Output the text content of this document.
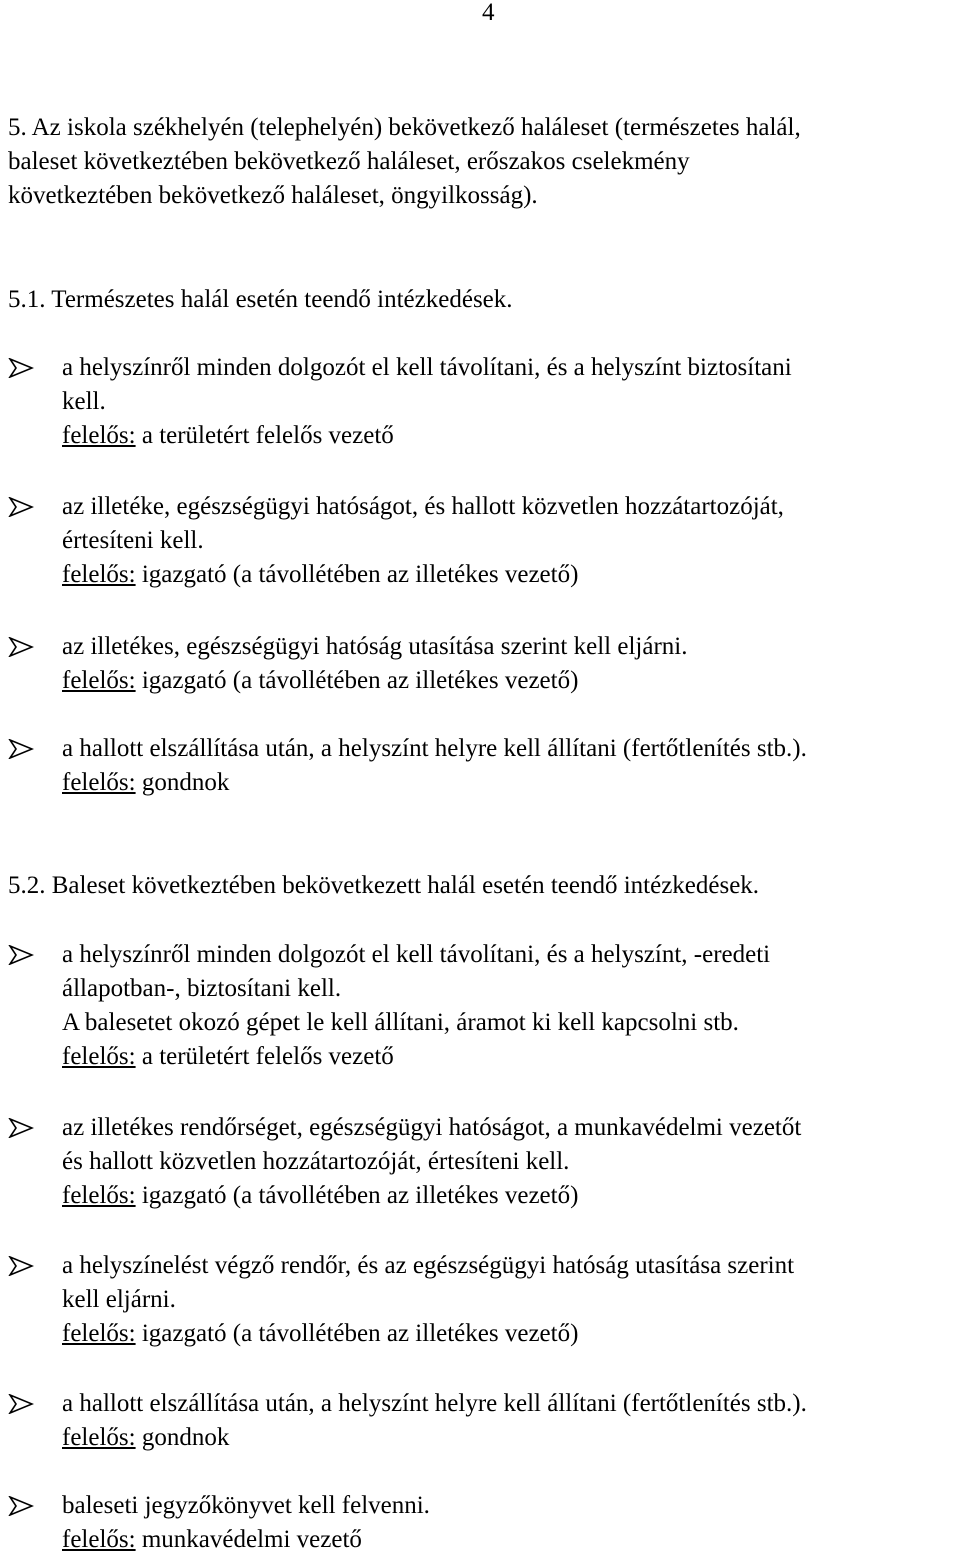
4
5. Az iskola székhelyén (telephelyén) bekövetkező haláleset (természetes halál,
baleset következtében bekövetkező haláleset, erőszakos cselekmény
következtében bekövetkező haláleset, öngyilkosság).
5.1. Természetes halál esetén teendő intézkedések.
a helyszínről minden dolgozót el kell távolítani, és a helyszínt biztosítani
kell.
felelős: a területért felelős vezető
az illetéke, egészségügyi hatóságot, és hallott közvetlen hozzátartozóját,
értesíteni kell.
felelős: igazgató (a távollétében az illetékes vezető)
az illetékes, egészségügyi hatóság utasítása szerint kell eljárni.
felelős: igazgató (a távollétében az illetékes vezető)
a hallott elszállítása után, a helyszínt helyre kell állítani (fertőtlenítés stb.).
felelős: gondnok
5.2. Baleset következtében bekövetkezett halál esetén teendő intézkedések.
a helyszínről minden dolgozót el kell távolítani, és a helyszínt, -eredeti
állapotban-, biztosítani kell.
A balesetet okozó gépet le kell állítani, áramot ki kell kapcsolni stb.
felelős: a területért felelős vezető
az illetékes rendőrséget, egészségügyi hatóságot, a munkavédelmi vezetőt
és hallott közvetlen hozzátartozóját, értesíteni kell.
felelős: igazgató (a távollétében az illetékes vezető)
a helyszínelést végző rendőr, és az egészségügyi hatóság utasítása szerint
kell eljárni.
felelős: igazgató (a távollétében az illetékes vezető)
a hallott elszállítása után, a helyszínt helyre kell állítani (fertőtlenítés stb.).
felelős: gondnok
baleseti jegyzőkönyvet kell felvenni.
felelős: munkavédelmi vezető
